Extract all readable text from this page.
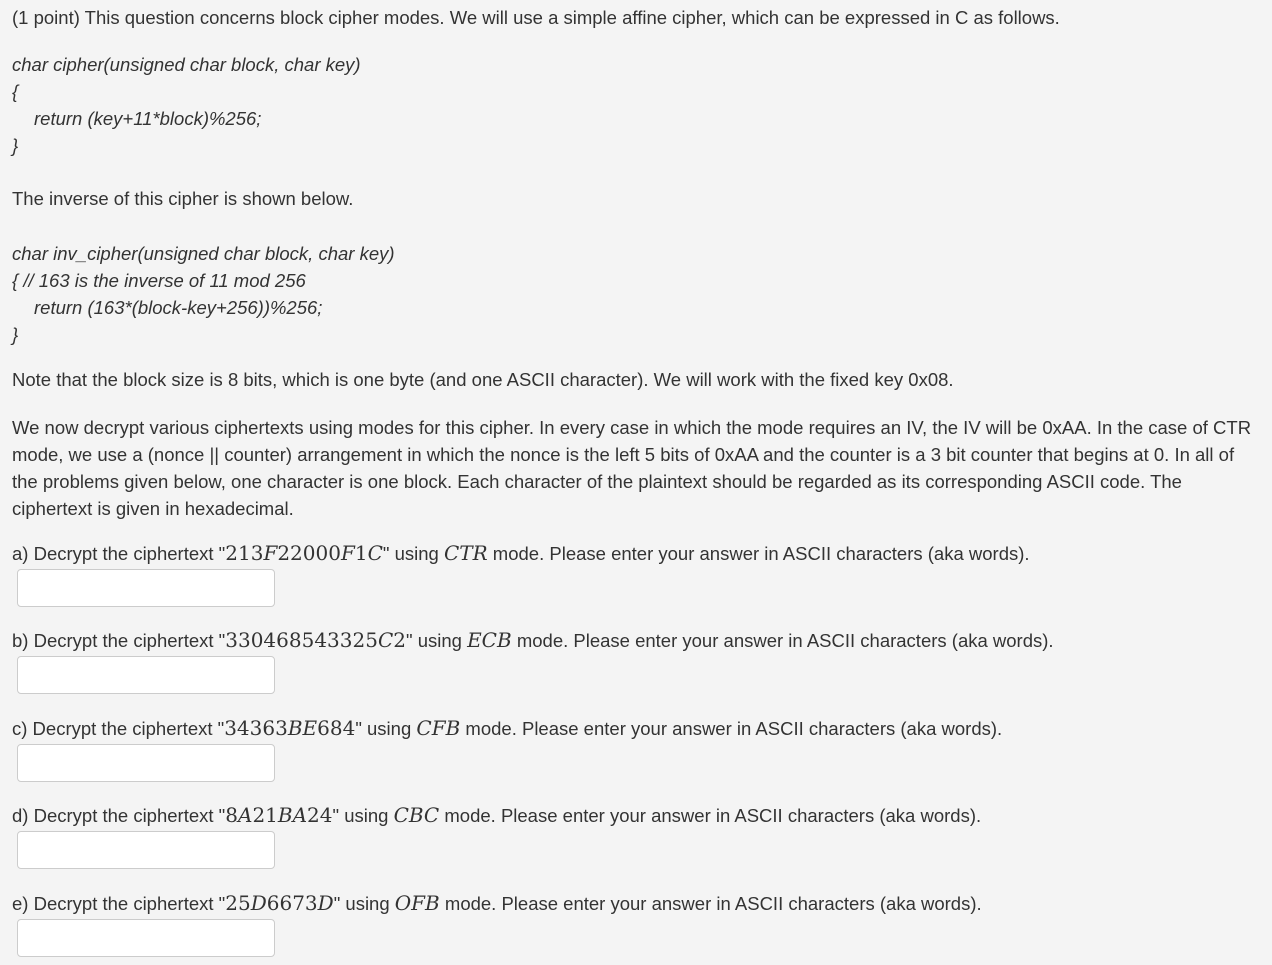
(1 point) This question concerns block cipher modes. We will use a simple affine cipher, which can be expressed in C as follows.
char cipher(unsigned char block, char key)
{
return (key+11*block)%256;
}
The inverse of this cipher is shown below.
char inv_cipher(unsigned char block, char key)
{ // 163 is the inverse of 11 mod 256
return (163*(block-key+256))%256;
}
Note that the block size is 8 bits, which is one byte (and one ASCII character). We will work with the fixed key 0x08.
We now decrypt various ciphertexts using modes for this cipher. In every case in which the mode requires an IV, the IV will be 0xAA. In the case of CTR mode, we use a (nonce || counter) arrangement in which the nonce is the left 5 bits of 0xAA and the counter is a 3 bit counter that begins at 0. In all of the problems given below, one character is one block. Each character of the plaintext should be regarded as its corresponding ASCII code. The ciphertext is given in hexadecimal.
a) Decrypt the ciphertext "213F22000F1C" using CTR mode. Please enter your answer in ASCII characters (aka words).
b) Decrypt the ciphertext "330468543325C2" using ECB mode. Please enter your answer in ASCII characters (aka words).
c) Decrypt the ciphertext "34363BE684" using CFB mode. Please enter your answer in ASCII characters (aka words).
d) Decrypt the ciphertext "8A21BA24" using CBC mode. Please enter your answer in ASCII characters (aka words).
e) Decrypt the ciphertext "25D6673D" using OFB mode. Please enter your answer in ASCII characters (aka words).
